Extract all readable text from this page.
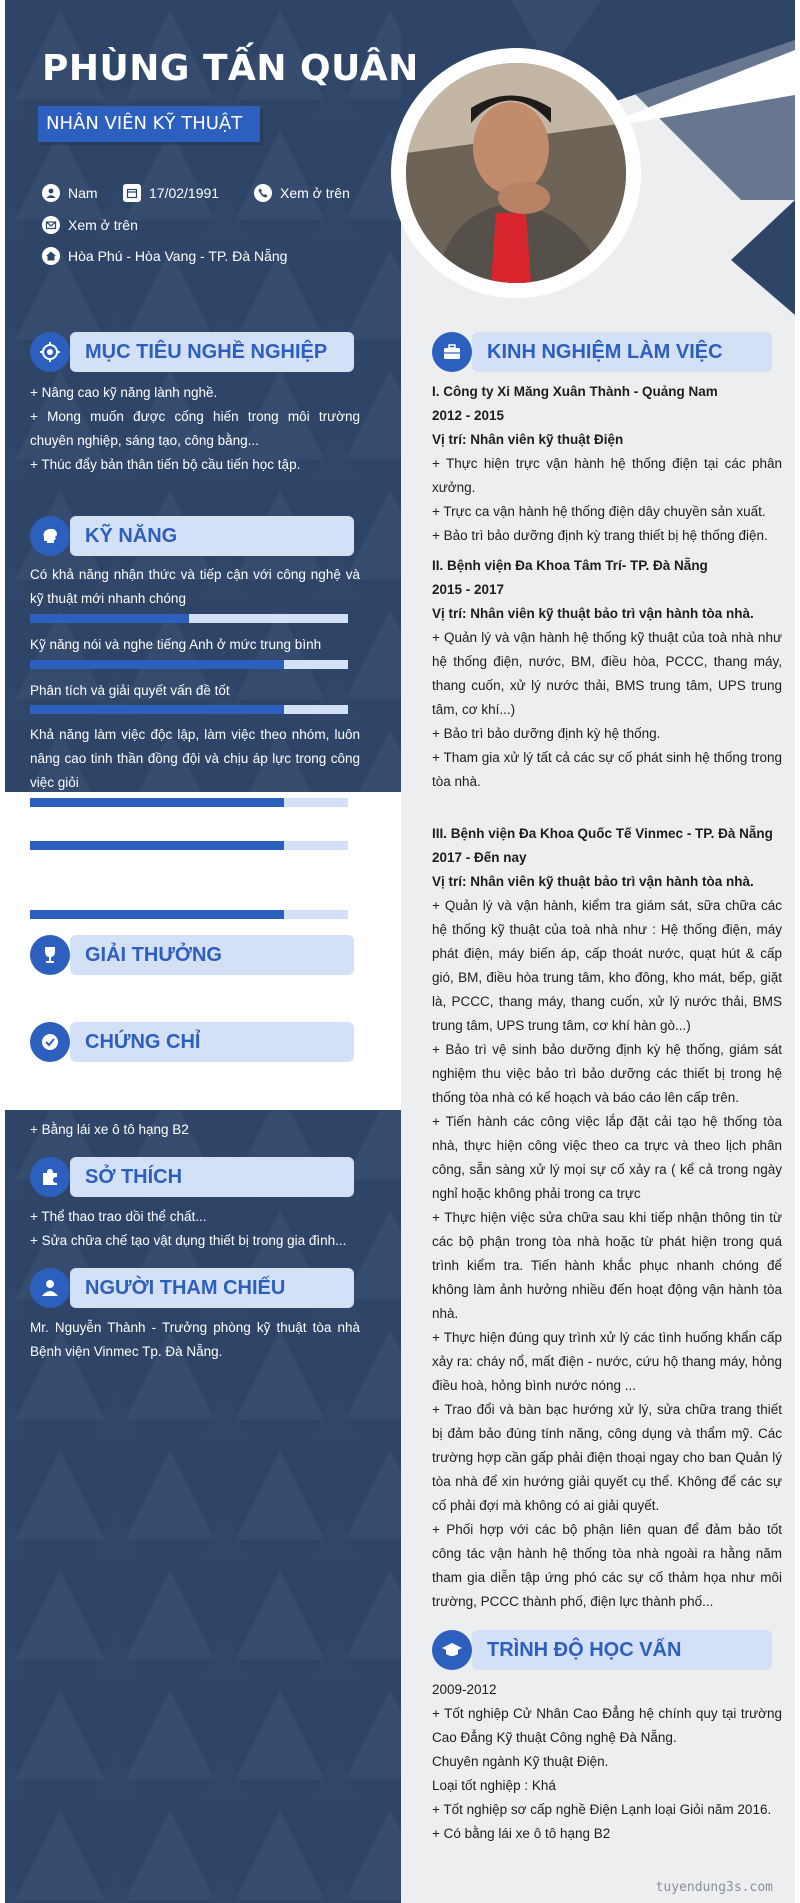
PHÙNG TẤN QUÂN
NHÂN VIÊN KỸ THUẬT
Nam	17/02/1991	Xem ở trên
Xem ở trên
Hòa Phú - Hòa Vang - TP. Đà Nẵng
MỤC TIÊU NGHỀ NGHIỆP

+ Nâng cao kỹ năng lành nghề.

+ Mong muốn được cống hiến trong môi trường chuyên nghiệp, sáng tạo, công bằng...

+ Thúc đẩy bản thân tiến bộ cầu tiến học tập.

KỸ NĂNG
Có khả năng nhận thức và tiếp cận với công nghệ và kỹ thuật mới nhanh chóng
Kỹ năng nói và nghe tiếng Anh ở mức trung bình
Phân tích và giải quyết vấn đề tốt
Khả năng làm việc độc lập, làm việc theo nhóm, luôn nâng cao tinh thần đồng đội và chịu áp lực trong công việc giỏi
GIẢI THƯỞNG
CHỨNG CHỈ
+ Bằng lái xe ô tô hạng B2
SỞ THÍCH

+ Thể thao trao dồi thể chất...

+ Sửa chữa chế tạo vật dụng thiết bị trong gia đình...

NGƯỜI THAM CHIẾU
Mr. Nguyễn Thành - Trưởng phòng kỹ thuật tòa nhà Bệnh viện Vinmec Tp. Đà Nẵng.
KINH NGHIỆM LÀM VIỆC

I. Công ty Xi Măng Xuân Thành - Quảng Nam

2012 - 2015

Vị trí: Nhân viên kỹ thuật Điện

+ Thực hiện trực vận hành hệ thống điện tại các phân xưởng.

+ Trực ca vận hành hệ thống điện dây chuyền sản xuất.

+ Bảo trì bảo dưỡng định kỳ trang thiết bị hệ thống điện.

II. Bệnh viện Đa Khoa Tâm Trí- TP. Đà Nẵng

2015 - 2017

Vị trí: Nhân viên kỹ thuật bảo trì vận hành tòa nhà.

+ Quản lý và vận hành hệ thống kỹ thuật của toà nhà như hệ thống điện, nước, BM, điều hòa, PCCC, thang máy, thang cuốn, xử lý nước thải, BMS trung tâm, UPS trung tâm, cơ khí...)

+ Bảo trì bảo dưỡng định kỳ hệ thống.

+ Tham gia xử lý tất cả các sự cố phát sinh hệ thống trong tòa nhà.

III. Bệnh viện Đa Khoa Quốc Tế Vinmec - TP. Đà Nẵng

2017 - Đến nay

Vị trí: Nhân viên kỹ thuật bảo trì vận hành tòa nhà.

+ Quản lý và vận hành, kiểm tra giám sát, sữa chữa các hệ thống kỹ thuật của toà nhà như : Hệ thống điện, máy phát điện, máy biến áp, cấp thoát nước, quạt hút & cấp gió, BM, điều hòa trung tâm, kho đông, kho mát, bếp, giặt là, PCCC, thang máy, thang cuốn, xử lý nước thải, BMS trung tâm, UPS trung tâm, cơ khí hàn gò...)

+ Bảo trì vệ sinh bảo dưỡng định kỳ hệ thống, giám sát nghiệm thu việc bảo trì bảo dưỡng các thiết bị trong hệ thống tòa nhà có kế hoạch và báo cáo lên cấp trên.

+ Tiến hành các công việc lắp đặt cải tạo hệ thống tòa nhà, thực hiện công việc theo ca trực và theo lịch phân công, sẵn sàng xử lý mọi sự cố xảy ra ( kể cả trong ngày nghỉ hoặc không phải trong ca trực

+ Thực hiện việc sửa chữa sau khi tiếp nhận thông tin từ các bộ phận trong tòa nhà hoặc từ phát hiện trong quá trình kiểm tra. Tiến hành khắc phục nhanh chóng để không làm ảnh hưởng nhiều đến hoạt động vận hành tòa nhà.

+ Thực hiện đúng quy trình xử lý các tình huống khẩn cấp xảy ra: cháy nổ, mất điện - nước, cứu hộ thang máy, hỏng điều hoà, hỏng bình nước nóng ...

+ Trao đổi và bàn bạc hướng xử lý, sửa chữa trang thiết bị đảm bảo đúng tính năng, công dụng và thẩm mỹ. Các trường hợp cần gấp phải điện thoại ngay cho ban Quản lý tòa nhà để xin hướng giải quyết cụ thể. Không để các sự cố phải đợi mà không có ai giải quyết.

+ Phối hợp với các bộ phận liên quan để đảm bảo tốt công tác vận hành hệ thống tòa nhà ngoài ra hằng năm tham gia diễn tập ứng phó các sự cố thảm họa như môi trường, PCCC thành phố, điện lực thành phố...

TRÌNH ĐỘ HỌC VẤN

2009-2012

+ Tốt nghiệp Cử Nhân Cao Đẳng hệ chính quy tại trường Cao Đẳng Kỹ thuật Công nghệ Đà Nẵng.

Chuyên ngành Kỹ thuật Điện.

Loại tốt nghiệp : Khá

+ Tốt nghiệp sơ cấp nghề Điện Lạnh loại Giỏi năm 2016.

+ Có bằng lái xe ô tô hạng B2

tuyendung3s.com
